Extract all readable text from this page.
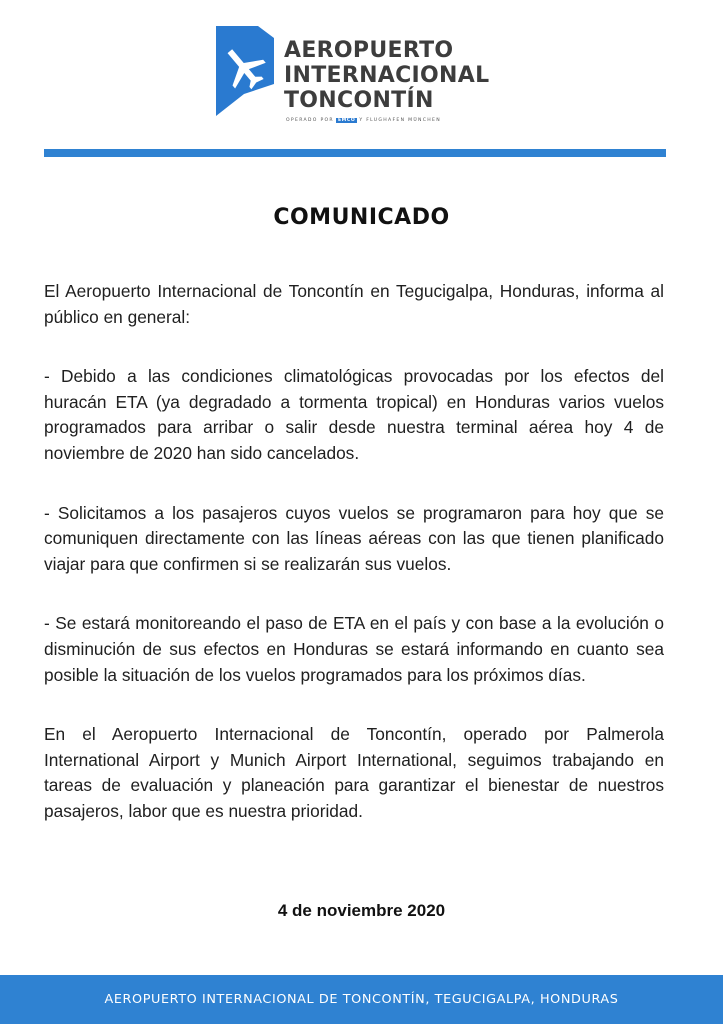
AEROPUERTO
INTERNACIONAL
TONCONTÍN
OPERADO POR EMCO Y FLUGHAFEN MÜNCHEN
COMUNICADO

El Aeropuerto Internacional de Toncontín en Tegucigalpa, Honduras, informa al público en general:

- Debido a las condiciones climatológicas provocadas por los efectos del huracán ETA (ya degradado a tormenta tropical) en Honduras varios vuelos programados para arribar o salir desde nuestra terminal aérea hoy 4 de noviembre de 2020 han sido cancelados.

- Solicitamos a los pasajeros cuyos vuelos se programaron para hoy que se comuniquen directamente con las líneas aéreas con las que tienen planificado viajar para que confirmen si se realizarán sus vuelos.

- Se estará monitoreando el paso de ETA en el país y con base a la evolución o disminución de sus efectos en Honduras se estará informando en cuanto sea posible la situación de los vuelos programados para los próximos días.

En el Aeropuerto Internacional de Toncontín, operado por Palmerola International Airport y Munich Airport International, seguimos trabajando en tareas de evaluación y planeación para garantizar el bienestar de nuestros pasajeros, labor que es nuestra prioridad.

4 de noviembre 2020
AEROPUERTO INTERNACIONAL DE TONCONTÍN, TEGUCIGALPA, HONDURAS
